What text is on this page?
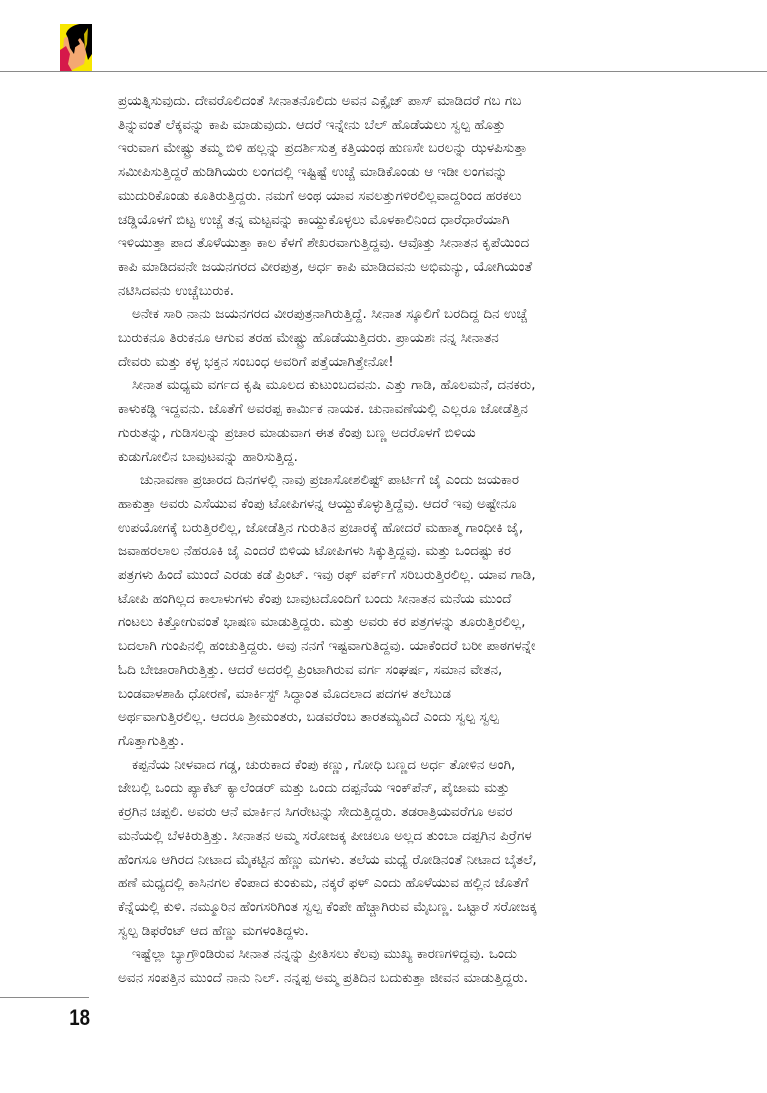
ಪ್ರಯತ್ನಿಸುವುದು. ದೇವರೊಲಿದಂತೆ ಸೀನಾತನೊಲಿದು ಅವನ ಎಕ್ಸೈಜ್ ಪಾಸ್ ಮಾಡಿದರೆ ಗಬ ಗಬ
ತಿನ್ನುವಂತೆ ಲೆಕ್ಕವನ್ನು ಕಾಪಿ ಮಾಡುವುದು. ಆದರೆ ಇನ್ನೇನು ಬೆಲ್ ಹೊಡೆಯಲು ಸ್ವಲ್ಪ ಹೊತ್ತು
ಇರುವಾಗ ಮೇಷ್ಟ್ರು ತಮ್ಮ ಬಿಳಿ ಹಲ್ಲನ್ನು ಪ್ರದರ್ಶಿಸುತ್ತ ಕತ್ತಿಯಂಥ ಹುಣಸೇ ಬರಲನ್ನು ಝಳಪಿಸುತ್ತಾ
ಸಮೀಪಿಸುತ್ತಿದ್ದರೆ ಹುಡಿಗಿಯರು ಲಂಗದಲ್ಲಿ ಇಷ್ಟಿಷ್ಟೆ ಉಚ್ಚೆ ಮಾಡಿಕೊಂಡು ಆ ಇಡೀ ಲಂಗವನ್ನು
ಮುದುರಿಕೊಂಡು ಕೂತಿರುತ್ತಿದ್ದರು. ನಮಗೆ ಅಂಥ ಯಾವ ಸವಲತ್ತುಗಳಿರಲಿಲ್ಲವಾದ್ದರಿಂದ ಹರಕಲು
ಚಡ್ಡಿಯೊಳಗೆ ಬಿಟ್ಟ ಉಚ್ಚೆ ತನ್ನ ಮಟ್ಟವನ್ನು ಕಾಯ್ದುಕೊಳ್ಳಲು ಮೊಳಕಾಲಿನಿಂದ ಧಾರೆಧಾರೆಯಾಗಿ
ಇಳಿಯುತ್ತಾ ಪಾದ ತೊಳೆಯುತ್ತಾ ಕಾಲ ಕೆಳಗೆ ಶೇಖರವಾಗುತ್ತಿದ್ದವು. ಆವೊತ್ತು ಸೀನಾತನ ಕೃಪೆಯಿಂದ
ಕಾಪಿ ಮಾಡಿದವನೇ ಜಯನಗರದ ವೀರಪುತ್ರ, ಅರ್ಧ ಕಾಪಿ ಮಾಡಿದವನು ಅಭಿಮನ್ಯು, ಯೋಗಿಯಂತೆ
ನಟಿಸಿದವನು ಉಚ್ಚೆಬುರುಕ.
ಅನೇಕ ಸಾರಿ ನಾನು ಜಯನಗರದ ವೀರಪುತ್ರನಾಗಿರುತ್ತಿದ್ದೆ. ಸೀನಾತ ಸ್ಕೂಲಿಗೆ ಬರದಿದ್ದ ದಿನ ಉಚ್ಚೆ
ಬುರುಕನೂ ತಿರುಕನೂ ಆಗುವ ತರಹ ಮೇಷ್ಟ್ರು ಹೊಡೆಯುತ್ತಿದರು. ಪ್ರಾಯಶಃ ನನ್ನ ಸೀನಾತನ
ದೇವರು ಮತ್ತು ಕಳ್ಳ ಭಕ್ತನ ಸಂಬಂಧ ಅವರಿಗೆ ಪತ್ತೆಯಾಗಿತ್ತೇನೋ!
ಸೀನಾತ ಮಧ್ಯಮ ವರ್ಗದ ಕೃಷಿ ಮೂಲದ ಕುಟುಂಬದವನು. ಎತ್ತು ಗಾಡಿ, ಹೊಲಮನೆ, ದನಕರು,
ಕಾಳುಕಡ್ಡಿ ಇದ್ದವನು. ಜೊತೆಗೆ ಅವರಪ್ಪ ಕಾರ್ಮಿಕ ನಾಯಕ. ಚುನಾವಣೆಯಲ್ಲಿ ಎಲ್ಲರೂ ಜೋಡೆತ್ತಿನ
ಗುರುತನ್ನು, ಗುಡಿಸಲನ್ನು ಪ್ರಚಾರ ಮಾಡುವಾಗ ಈತ ಕೆಂಪು ಬಣ್ಣ ಅದರೊಳಗೆ ಬಿಳಿಯ
ಕುಡುಗೋಲಿನ ಬಾವುಟವನ್ನು ಹಾರಿಸುತ್ತಿದ್ದ.
ಚುನಾವಣಾ ಪ್ರಚಾರದ ದಿನಗಳಲ್ಲಿ ನಾವು ಪ್ರಜಾಸೋಶಲಿಷ್ಟ್ ಪಾರ್ಟಿಗೆ ಜೈ ಎಂದು ಜಯಕಾರ
ಹಾಕುತ್ತಾ ಅವರು ಎಸೆಯುವ ಕೆಂಪು ಟೋಪಿಗಳನ್ನ ಆಯ್ದುಕೊಳ್ಳುತ್ತಿದ್ದೆವು. ಆದರೆ ಇವು ಅಷ್ಟೇನೂ
ಉಪಯೋಗಕ್ಕೆ ಬರುತ್ತಿರಲಿಲ್ಲ, ಜೋಡೆತ್ತಿನ ಗುರುತಿನ ಪ್ರಚಾರಕ್ಕೆ ಹೋದರೆ ಮಹಾತ್ಮ ಗಾಂಧೀಕಿ ಜೈ,
ಜವಾಹರಲಾಲ ನೆಹರೂಕಿ ಜೈ ಎಂದರೆ ಬಿಳಿಯ ಟೋಪಿಗಳು ಸಿಕ್ಕುತ್ತಿದ್ದವು. ಮತ್ತು ಒಂದಷ್ಟು ಕರ
ಪತ್ರಗಳು ಹಿಂದೆ ಮುಂದೆ ಎರಡು ಕಡೆ ಪ್ರಿಂಟ್. ಇವು ರಫ್ ವರ್ಕ್‌ಗೆ ಸರಿಬರುತ್ತಿರಲಿಲ್ಲ. ಯಾವ ಗಾಡಿ,
ಟೋಪಿ ಹಂಗಿಲ್ಲದ ಕಾಲಾಳುಗಳು ಕೆಂಪು ಬಾವುಟದೊಂದಿಗೆ ಬಂದು ಸೀನಾತನ ಮನೆಯ ಮುಂದೆ
ಗಂಟಲು ಕಿತ್ತೋಗುವಂತೆ ಭಾಷಣ ಮಾಡುತ್ತಿದ್ದರು. ಮತ್ತು ಅವರು ಕರ ಪತ್ರಗಳನ್ನು ತೂರುತ್ತಿರಲಿಲ್ಲ,
ಬದಲಾಗಿ ಗುಂಪಿನಲ್ಲಿ ಹಂಚುತ್ತಿದ್ದರು. ಅವು ನನಗೆ ಇಷ್ಟವಾಗುತಿದ್ದವು. ಯಾಕೆಂದರೆ ಬರೀ ಪಾಠಗಳನ್ನೇ
ಓದಿ ಬೇಜಾರಾಗಿರುತ್ತಿತ್ತು. ಆದರೆ ಅದರಲ್ಲಿ ಪ್ರಿಂಟಾಗಿರುವ ವರ್ಗ ಸಂಘರ್ಷ, ಸಮಾನ ವೇತನ,
ಬಂಡವಾಳಶಾಹಿ ಧೋರಣೆ, ಮಾರ್ಕಿಸ್ಟ್ ಸಿದ್ಧಾಂತ ಮೊದಲಾದ ಪದಗಳ ತಲೆಬುಡ
ಅರ್ಥವಾಗುತ್ತಿರಲಿಲ್ಲ. ಆದರೂ ಶ್ರೀಮಂತರು, ಬಡವರೆಂಬ ತಾರತಮ್ಯವಿದೆ ಎಂದು ಸ್ವಲ್ಪ ಸ್ವಲ್ಪ
ಗೊತ್ತಾಗುತ್ತಿತ್ತು.
ಕಪ್ಪನೆಯ ನೀಳವಾದ ಗಡ್ಡ, ಚುರುಕಾದ ಕೆಂಪು ಕಣ್ಣು, ಗೋಧಿ ಬಣ್ಣದ ಅರ್ಧ ತೋಳಿನ ಅಂಗಿ,
ಜೇಬಲ್ಲಿ ಒಂದು ಪ್ಯಾಕೆಟ್ ಕ್ಯಾಲೆಂಡರ್ ಮತ್ತು ಒಂದು ದಪ್ಪನೆಯ ಇಂಕ್‌ಪೆನ್, ಪೈಜಾಮ ಮತ್ತು
ಕರ್‍ರಗಿನ ಚಪ್ಪಲಿ. ಅವರು ಆನೆ ಮಾರ್ಕಿನ ಸಿಗರೇಟನ್ನು ಸೇದುತ್ತಿದ್ದರು. ತಡರಾತ್ರಿಯವರೆಗೂ ಅವರ
ಮನೆಯಲ್ಲಿ ಬೆಳಕಿರುತ್ತಿತ್ತು. ಸೀನಾತನ ಅಮ್ಮ ಸರೋಜಕ್ಕ ಪೀಚಲೂ ಅಲ್ಲದ ತುಂಬಾ ದಪ್ಪಗಿನ ಪಿರ್‍ರೆಗಳ
ಹೆಂಗಸೂ ಆಗಿರದ ನೀಟಾದ ಮೈಕಟ್ಟಿನ ಹೆಣ್ಣು ಮಗಳು. ತಲೆಯ ಮಧ್ಯೆ ರೋಡಿನಂತೆ ನೀಟಾದ ಬೈತಲೆ,
ಹಣೆ ಮಧ್ಯದಲ್ಲಿ ಕಾಸಿನಗಲ ಕೆಂಪಾದ ಕುಂಕುಮ, ನಕ್ಕರೆ ಫಳ್ ಎಂದು ಹೊಳೆಯುವ ಹಲ್ಲಿನ ಜೊತೆಗೆ
ಕೆನ್ನೆಯಲ್ಲಿ ಕುಳಿ. ನಮ್ಮೂರಿನ ಹೆಂಗಸರಿಗಿಂತ ಸ್ವಲ್ಪ ಕೆಂಪೇ ಹೆಚ್ಚಾಗಿರುವ ಮೈಬಣ್ಣ. ಒಟ್ಟಾರೆ ಸರೋಜಕ್ಕ
ಸ್ವಲ್ಪ ಡಿಫರೆಂಟ್ ಆದ ಹೆಣ್ಣು ಮಗಳಂತಿದ್ದಳು.
ಇಷ್ಟೆಲ್ಲಾ ಬ್ಯಾಗ್ರೌಂಡಿರುವ ಸೀನಾತ ನನ್ನನ್ನು ಪ್ರೀತಿಸಲು ಕೆಲವು ಮುಖ್ಯ ಕಾರಣಗಳಿದ್ದವು. ಒಂದು
ಅವನ ಸಂಪತ್ತಿನ ಮುಂದೆ ನಾನು ನಿಲ್. ನನ್ನಪ್ಪ ಅಮ್ಮ ಪ್ರತಿದಿನ ಬದುಕುತ್ತಾ ಜೀವನ ಮಾಡುತ್ತಿದ್ದರು.
18
